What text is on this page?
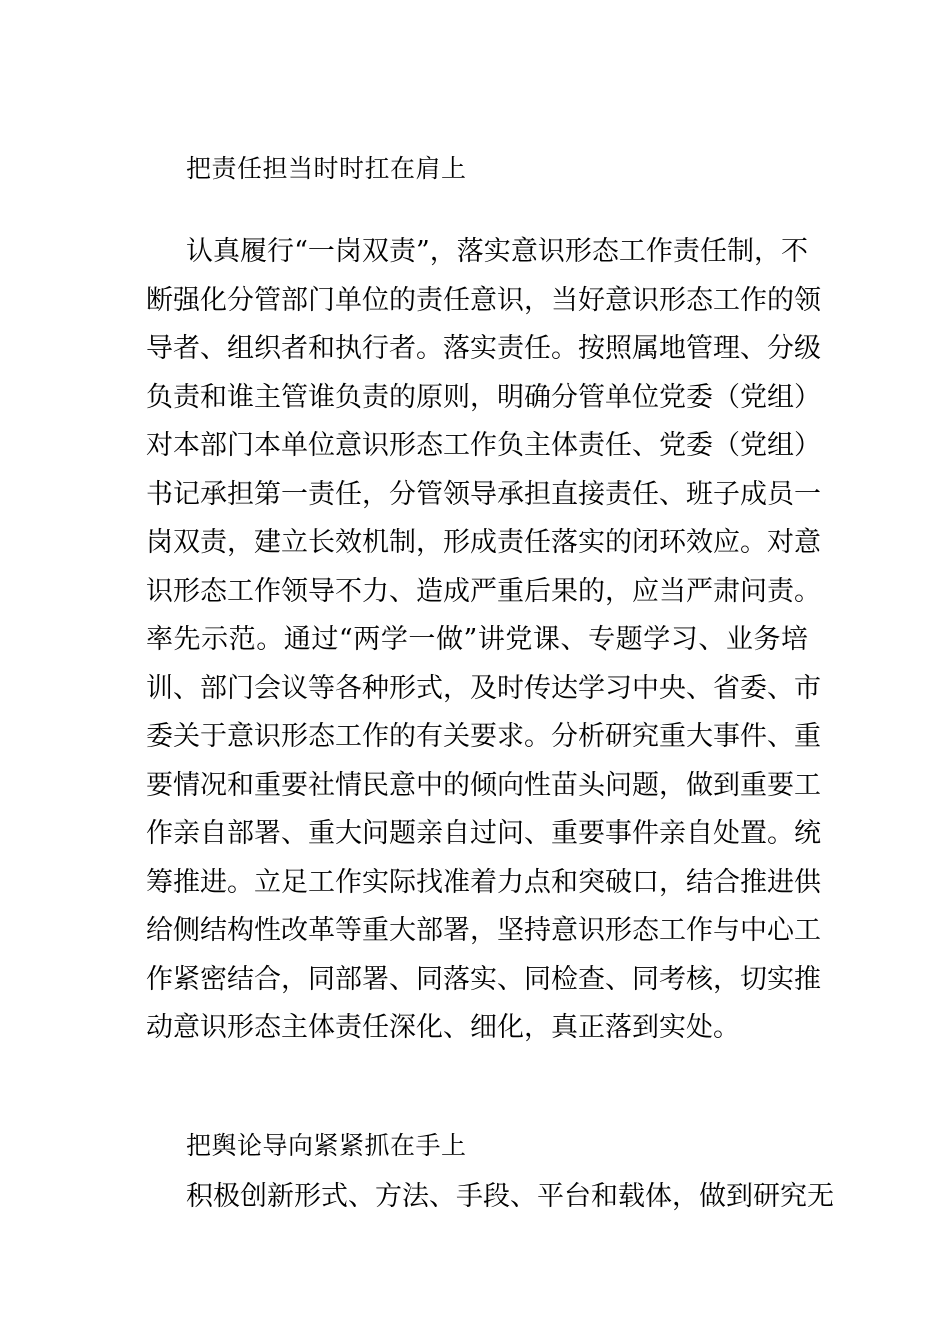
把责任担当时时扛在肩上
认真履行“一岗双责”，落实意识形态工作责任制，不
断强化分管部门单位的责任意识，当好意识形态工作的领
导者、组织者和执行者。落实责任。按照属地管理、分级
负责和谁主管谁负责的原则，明确分管单位党委（党组）
对本部门本单位意识形态工作负主体责任、党委（党组）
书记承担第一责任，分管领导承担直接责任、班子成员一
岗双责，建立长效机制，形成责任落实的闭环效应。对意
识形态工作领导不力、造成严重后果的，应当严肃问责。
率先示范。通过“两学一做”讲党课、专题学习、业务培
训、部门会议等各种形式，及时传达学习中央、省委、市
委关于意识形态工作的有关要求。分析研究重大事件、重
要情况和重要社情民意中的倾向性苗头问题，做到重要工
作亲自部署、重大问题亲自过问、重要事件亲自处置。统
筹推进。立足工作实际找准着力点和突破口，结合推进供
给侧结构性改革等重大部署，坚持意识形态工作与中心工
作紧密结合，同部署、同落实、同检查、同考核，切实推
动意识形态主体责任深化、细化，真正落到实处。
把舆论导向紧紧抓在手上
积极创新形式、方法、手段、平台和载体，做到研究无
